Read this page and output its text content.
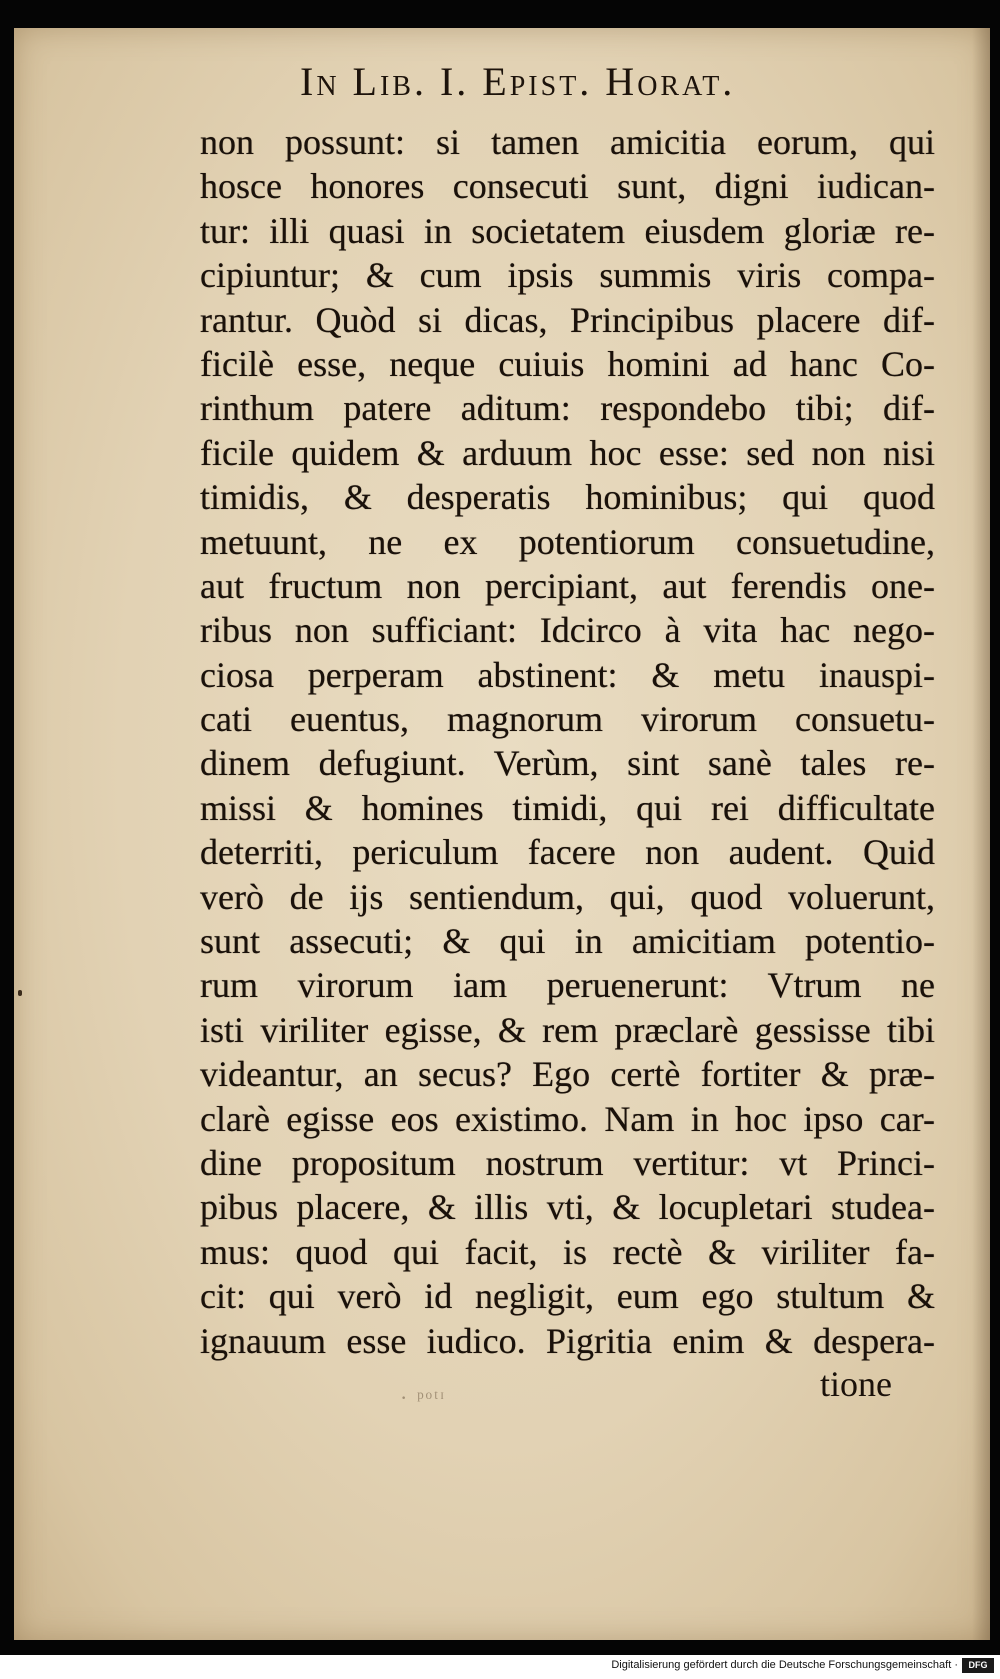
In Lib. I. Epist. Horat.
non possunt: si tamen amicitia eorum, qui
hosce honores consecuti sunt, digni iudican-
tur: illi quasi in societatem eiusdem gloriæ re-
cipiuntur; & cum ipsis summis viris compa-
rantur. Quòd si dicas, Principibus placere dif-
ficilè esse, neque cuiuis homini ad hanc Co-
rinthum patere aditum: respondebo tibi; dif-
ficile quidem & arduum hoc esse: sed non nisi
timidis, & desperatis hominibus; qui quod
metuunt, ne ex potentiorum consuetudine,
aut fructum non percipiant, aut ferendis one-
ribus non sufficiant: Idcirco à vita hac nego-
ciosa perperam abstinent: & metu inauspi-
cati euentus, magnorum virorum consuetu-
dinem defugiunt. Verùm, sint sanè tales re-
missi & homines timidi, qui rei difficultate
deterriti, periculum facere non audent. Quid
verò de ijs sentiendum, qui, quod voluerunt,
sunt assecuti; & qui in amicitiam potentio-
rum virorum iam peruenerunt: Vtrum ne
isti viriliter egisse, & rem præclarè gessisse tibi
videantur, an secus? Ego certè fortiter & præ-
clarè egisse eos existimo. Nam in hoc ipso car-
dine propositum nostrum vertitur: vt Princi-
pibus placere, & illis vti, & locupletari studea-
mus: quod qui facit, is rectè & viriliter fa-
cit: qui verò id negligit, eum ego stultum &
ignauum esse iudico. Pigritia enim & despera-
· ᵖᵒᵗᶦ	tione
Digitalisierung gefördert durch die Deutsche Forschungsgemeinschaft ·	DFG
